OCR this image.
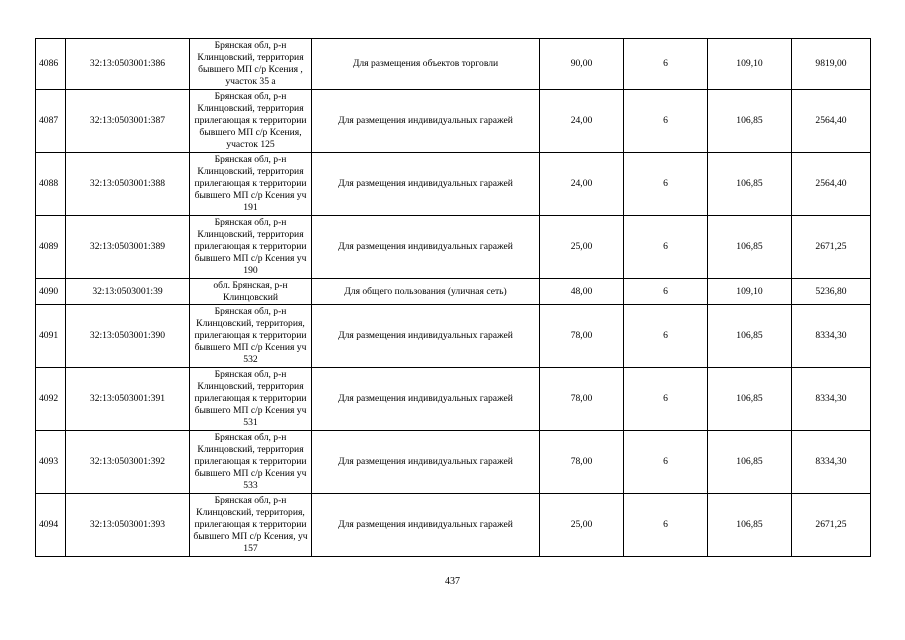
4086	32:13:0503001:386	Брянская обл, р-н Клинцовский, территория бывшего МП с/р Ксения , участок 35 а	Для размещения объектов торговли	90,00	6	109,10	9819,00
4087	32:13:0503001:387	Брянская обл, р-н Клинцовский, территория прилегающая к территории бывшего МП с/р Ксения, участок 125	Для размещения индивидуальных гаражей	24,00	6	106,85	2564,40
4088	32:13:0503001:388	Брянская обл, р-н Клинцовский, территория прилегающая к территории бывшего МП с/р Ксения уч 191	Для размещения индивидуальных гаражей	24,00	6	106,85	2564,40
4089	32:13:0503001:389	Брянская обл, р-н Клинцовский, территория прилегающая к территории бывшего МП с/р Ксения уч 190	Для размещения индивидуальных гаражей	25,00	6	106,85	2671,25
4090	32:13:0503001:39	обл. Брянская, р-н Клинцовский	Для общего пользования (уличная сеть)	48,00	6	109,10	5236,80
4091	32:13:0503001:390	Брянская обл, р-н Клинцовский, территория, прилегающая к территории бывшего МП с/р Ксения уч 532	Для размещения индивидуальных гаражей	78,00	6	106,85	8334,30
4092	32:13:0503001:391	Брянская обл, р-н Клинцовский, территория прилегающая к территории бывшего МП с/р Ксения уч 531	Для размещения индивидуальных гаражей	78,00	6	106,85	8334,30
4093	32:13:0503001:392	Брянская обл, р-н Клинцовский, территория прилегающая к территории бывшего МП с/р Ксения уч 533	Для размещения индивидуальных гаражей	78,00	6	106,85	8334,30
4094	32:13:0503001:393	Брянская обл, р-н Клинцовский, территория, прилегающая к территории бывшего МП с/р Ксения, уч 157	Для размещения индивидуальных гаражей	25,00	6	106,85	2671,25
437
